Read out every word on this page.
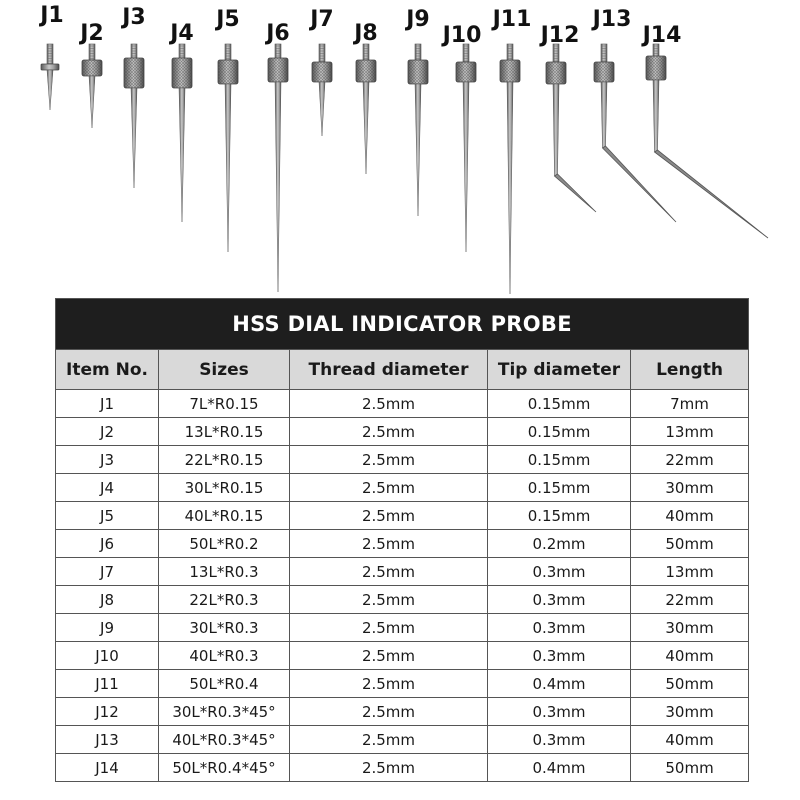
J1
J2
J3
J4
J5
J6
J7
J8
J9
J10
J11
J12
J13
J14
HSS DIAL INDICATOR PROBE				
Item No.	Sizes	Thread diameter	Tip diameter	Length
J1	7L*R0.15	2.5mm	0.15mm	7mm
J2	13L*R0.15	2.5mm	0.15mm	13mm
J3	22L*R0.15	2.5mm	0.15mm	22mm
J4	30L*R0.15	2.5mm	0.15mm	30mm
J5	40L*R0.15	2.5mm	0.15mm	40mm
J6	50L*R0.2	2.5mm	0.2mm	50mm
J7	13L*R0.3	2.5mm	0.3mm	13mm
J8	22L*R0.3	2.5mm	0.3mm	22mm
J9	30L*R0.3	2.5mm	0.3mm	30mm
J10	40L*R0.3	2.5mm	0.3mm	40mm
J11	50L*R0.4	2.5mm	0.4mm	50mm
J12	30L*R0.3*45°	2.5mm	0.3mm	30mm
J13	40L*R0.3*45°	2.5mm	0.3mm	40mm
J14	50L*R0.4*45°	2.5mm	0.4mm	50mm
